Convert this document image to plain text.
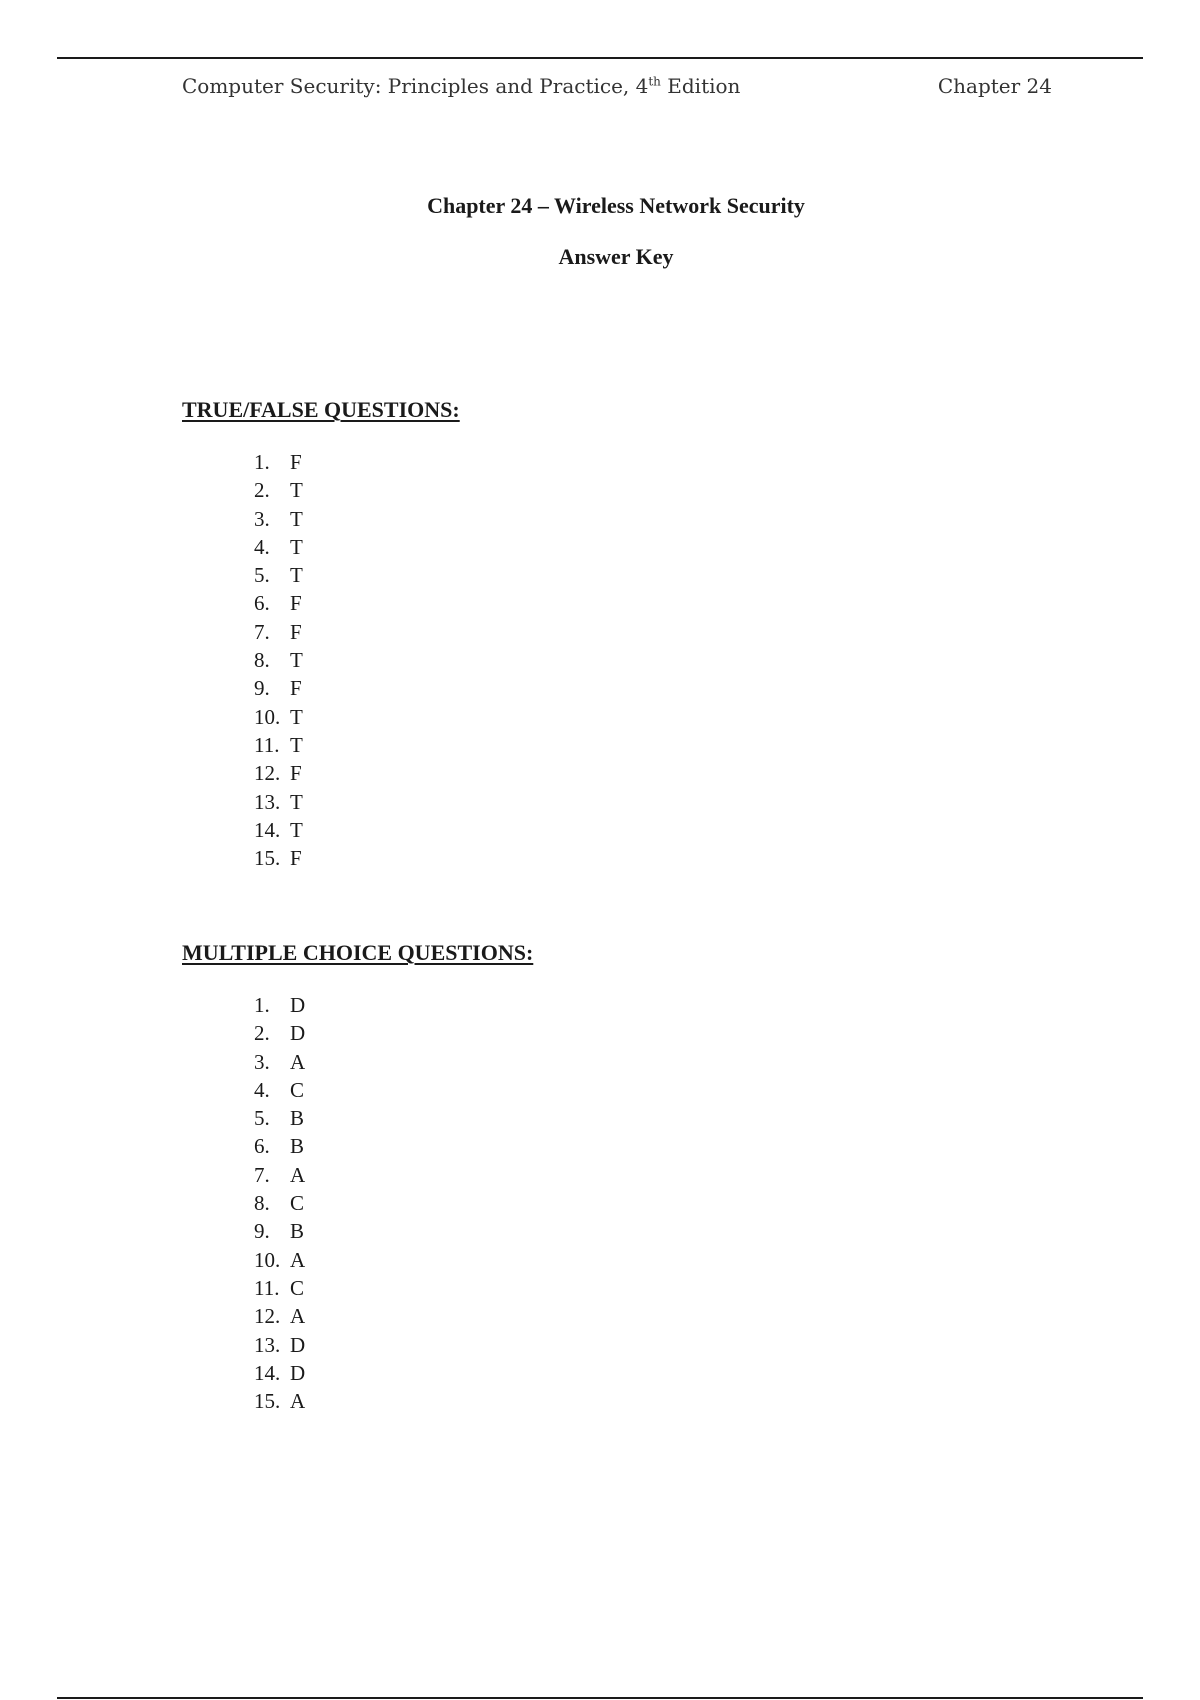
Computer Security: Principles and Practice, 4th Edition	Chapter 24
Chapter 24 – Wireless Network Security
Answer Key
TRUE/FALSE QUESTIONS:
1. F
2. T
3. T
4. T
5. T
6. F
7. F
8. T
9. F
10. T
11. T
12. F
13. T
14. T
15. F
MULTIPLE CHOICE QUESTIONS:
1. D
2. D
3. A
4. C
5. B
6. B
7. A
8. C
9. B
10. A
11. C
12. A
13. D
14. D
15. A
